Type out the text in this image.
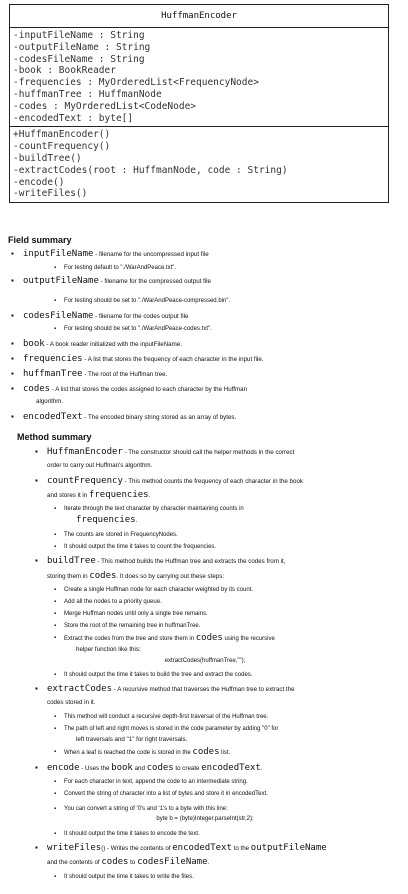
HuffmanEncoder
-inputFileName : String
-outputFileName : String
-codesFileName : String
-book : BookReader
-frequencies : MyOrderedList<FrequencyNode>
-huffmanTree : HuffmanNode
-codes : MyOrderedList<CodeNode>
-encodedText : byte[]
+HuffmanEncoder()
-countFrequency()
-buildTree()
-extractCodes(root : HuffmanNode, code : String)
-encode()
-writeFiles()
Field summary
▪ inputFileName - filename for the uncompressed input file
▪ For testing default to "./WarAndPeace.txt".
▪ outputFileName - filename for the compressed output file
▪ For testing should be set to "./WarAndPeace-compressed.bin".
▪ codesFileName - filename for the codes output file
▪ For testing should be set to "./WarAndPeace-codes.txt".
▪ book - A book reader initialized with the inputFileName.
▪ frequencies - A list that stores the frequency of each character in the input file.
▪ huffmanTree - The root of the Huffman tree.
▪ codes - A list that stores the codes assigned to each character by the Huffman
algorithm.
▪ encodedText - The encoded binary string stored as an array of bytes.
Method summary
▪ HuffmanEncoder - The constructor should call the helper methods in the correct
order to carry out Huffman's algorithm.
▪ countFrequency - This method counts the frequency of each character in the book
and stores it in frequencies.
▪ Iterate through the text character by character maintaining counts in
frequencies.
▪ The counts are stored in FrequencyNodes.
▪ It should output the time it takes to count the frequencies.
▪ buildTree - This method builds the Huffman tree and extracts the codes from it,
storing them in codes. It does so by carrying out these steps:
▪ Create a single Huffman node for each character weighted by its count.
▪ Add all the nodes to a priority queue.
▪ Merge Huffman nodes until only a single tree remains.
▪ Store the root of the remaining tree in huffmanTree.
▪ Extract the codes from the tree and store them in codes using the recursive
helper function like this:
extractCodes(huffmanTree,"");
▪ It should output the time it takes to build the tree and extract the codes.
▪ extractCodes - A recursive method that traverses the Huffman tree to extract the
codes stored in it.
▪ This method will conduct a recursive depth-first traversal of the Huffman tree.
▪ The path of left and right moves is stored in the code parameter by adding "0" for
left traversals and "1" for right traversals.
▪ When a leaf is reached the code is stored in the codes list.
▪ encode - Uses the book and codes to create encodedText.
▪ For each character in text, append the code to an intermediate string.
▪ Convert the string of character into a list of bytes and store it in encodedText.
▪ You can convert a string of '0's and '1's to a byte with this line:
byte b = (byte)Integer.parseInt(str,2);
▪ It should output the time it takes to encode the text.
▪ writeFiles() - Writes the contents of encodedText to the outputFileName
and the contents of codes to codesFileName.
▪ It should output the time it takes to write the files.
